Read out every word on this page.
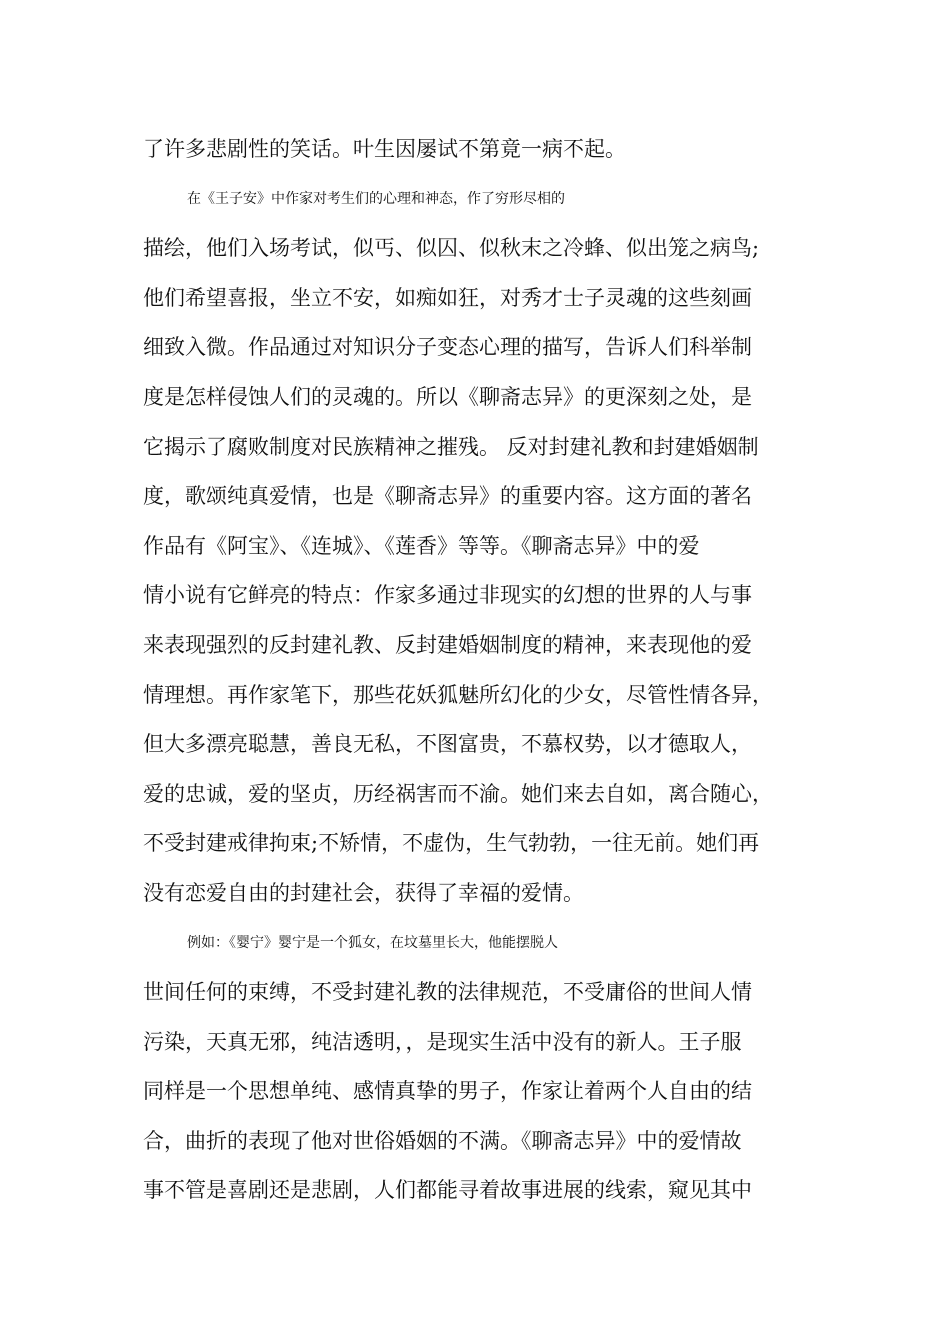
了许多悲剧性的笑话。叶生因屡试不第竟一病不起。
在《王子安》中作家对考生们的心理和神态，作了穷形尽相的
描绘，他们入场考试，似丐、似囚、似秋末之冷蜂、似出笼之病鸟;
他们希望喜报，坐立不安，如痴如狂，对秀才士子灵魂的这些刻画
细致入微。作品通过对知识分子变态心理的描写，告诉人们科举制
度是怎样侵蚀人们的灵魂的。所以《聊斋志异》的更深刻之处，是
它揭示了腐败制度对民族精神之摧残。 反对封建礼教和封建婚姻制
度，歌颂纯真爱情，也是《聊斋志异》的重要内容。这方面的著名
作品有《阿宝》、《连城》、《莲香》等等。《聊斋志异》中的爱
情小说有它鲜亮的特点：作家多通过非现实的幻想的世界的人与事
来表现强烈的反封建礼教、反封建婚姻制度的精神，来表现他的爱
情理想。再作家笔下，那些花妖狐魅所幻化的少女，尽管性情各异，
但大多漂亮聪慧，善良无私，不图富贵，不慕权势，以才德取人，
爱的忠诚，爱的坚贞，历经祸害而不渝。她们来去自如，离合随心，
不受封建戒律拘束;不矫情，不虚伪，生气勃勃，一往无前。她们再
没有恋爱自由的封建社会，获得了幸福的爱情。
例如：《婴宁》婴宁是一个狐女，在坟墓里长大，他能摆脱人
世间任何的束缚，不受封建礼教的法律规范，不受庸俗的世间人情
污染，天真无邪，纯洁透明，，是现实生活中没有的新人。王子服
同样是一个思想单纯、感情真挚的男子，作家让着两个人自由的结
合，曲折的表现了他对世俗婚姻的不满。《聊斋志异》中的爱情故
事不管是喜剧还是悲剧，人们都能寻着故事进展的线索，窥见其中
